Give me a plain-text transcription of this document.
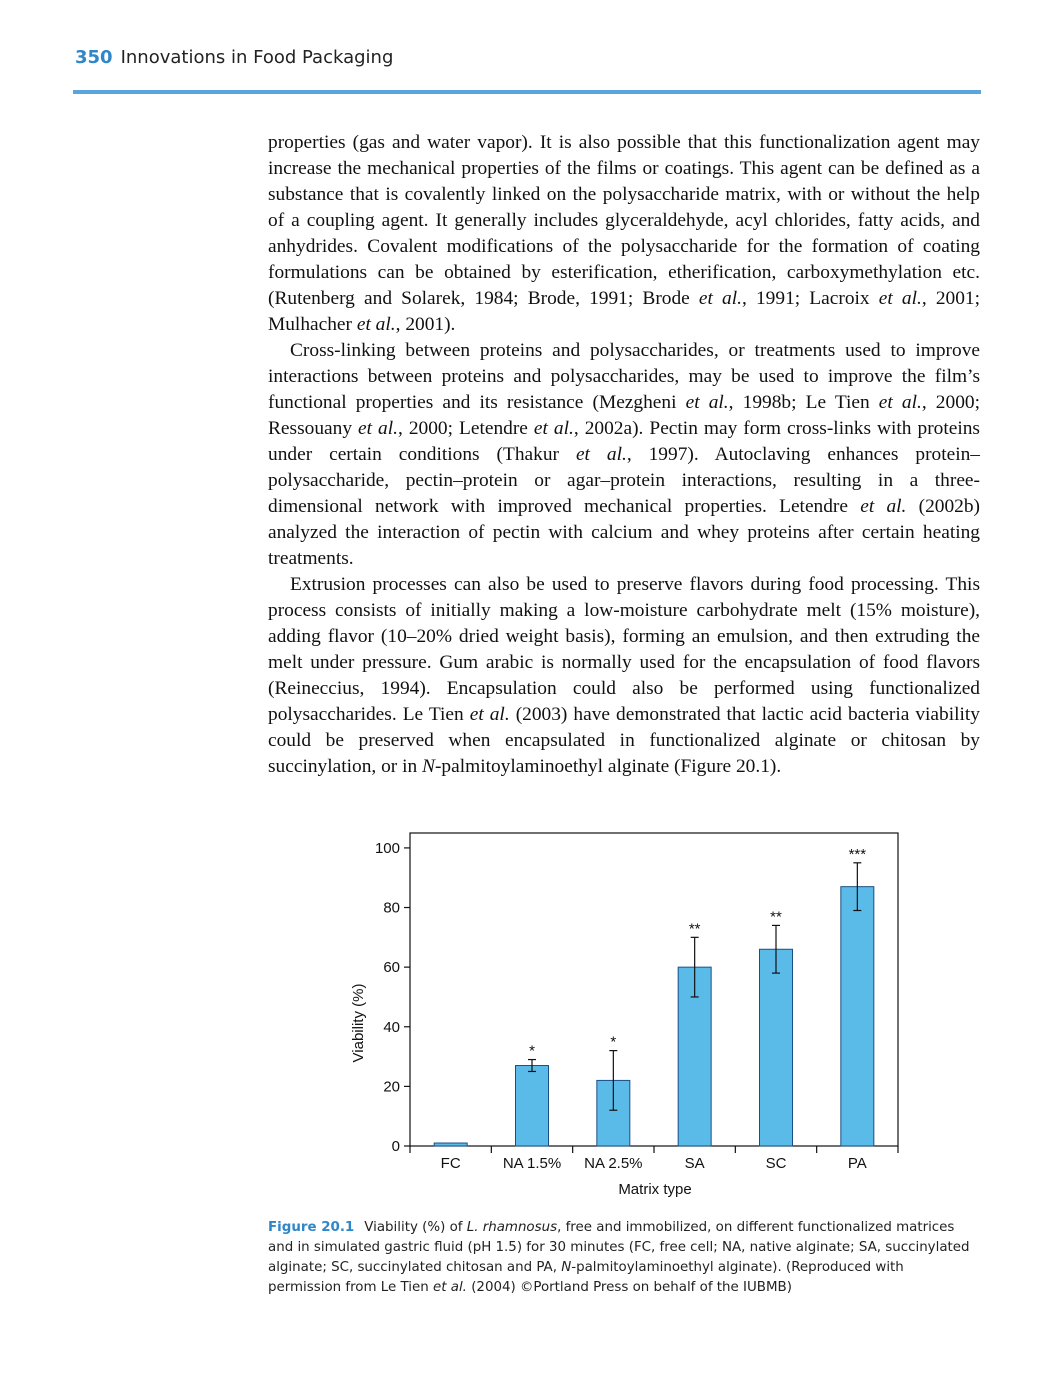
350 Innovations in Food Packaging

properties (gas and water vapor). It is also possible that this functionalization agent may increase the mechanical properties of the films or coatings. This agent can be defined as a substance that is covalently linked on the polysaccharide matrix, with or without the help of a coupling agent. It generally includes glyceraldehyde, acyl chlorides, fatty acids, and anhydrides. Covalent modifications of the polysaccharide for the formation of coating formulations can be obtained by esterification, etherification, carboxymethylation etc. (Rutenberg and Solarek, 1984; Brode, 1991; Brode et al., 1991; Lacroix et al., 2001; Mulhacher et al., 2001).

Cross-linking between proteins and polysaccharides, or treatments used to improve interactions between proteins and polysaccharides, may be used to improve the film’s functional properties and its resistance (Mezgheni et al., 1998b; Le Tien et al., 2000; Ressouany et al., 2000; Letendre et al., 2002a). Pectin may form cross-links with proteins under certain conditions (Thakur et al., 1997). Autoclaving enhances protein–polysaccharide, pectin–protein or agar–protein interactions, resulting in a three-dimensional network with improved mechanical properties. Letendre et al. (2002b) analyzed the interaction of pectin with calcium and whey proteins after certain heating treatments.

Extrusion processes can also be used to preserve flavors during food processing. This process consists of initially making a low-moisture carbohydrate melt (15% moisture), adding flavor (10–20% dried weight basis), forming an emulsion, and then extruding the melt under pressure. Gum arabic is normally used for the encapsulation of food flavors (Reineccius, 1994). Encapsulation could also be performed using functionalized polysaccharides. Le Tien et al. (2003) have demonstrated that lactic acid bacteria viability could be preserved when encapsulated in functionalized alginate or chitosan by succinylation, or in N-palmitoylaminoethyl alginate (Figure 20.1).

Viability (%)
Matrix type
0
20
40
60
80
100
FC
*
NA 1.5%
*
NA 2.5%
**
SA
**
SC
***
PA

Figure 20.1 Viability (%) of L. rhamnosus, free and immobilized, on different functionalized matrices and in simulated gastric fluid (pH 1.5) for 30 minutes (FC, free cell; NA, native alginate; SA, succinylated alginate; SC, succinylated chitosan and PA, N-palmitoylaminoethyl alginate). (Reproduced with permission from Le Tien et al. (2004) ©Portland Press on behalf of the IUBMB)
